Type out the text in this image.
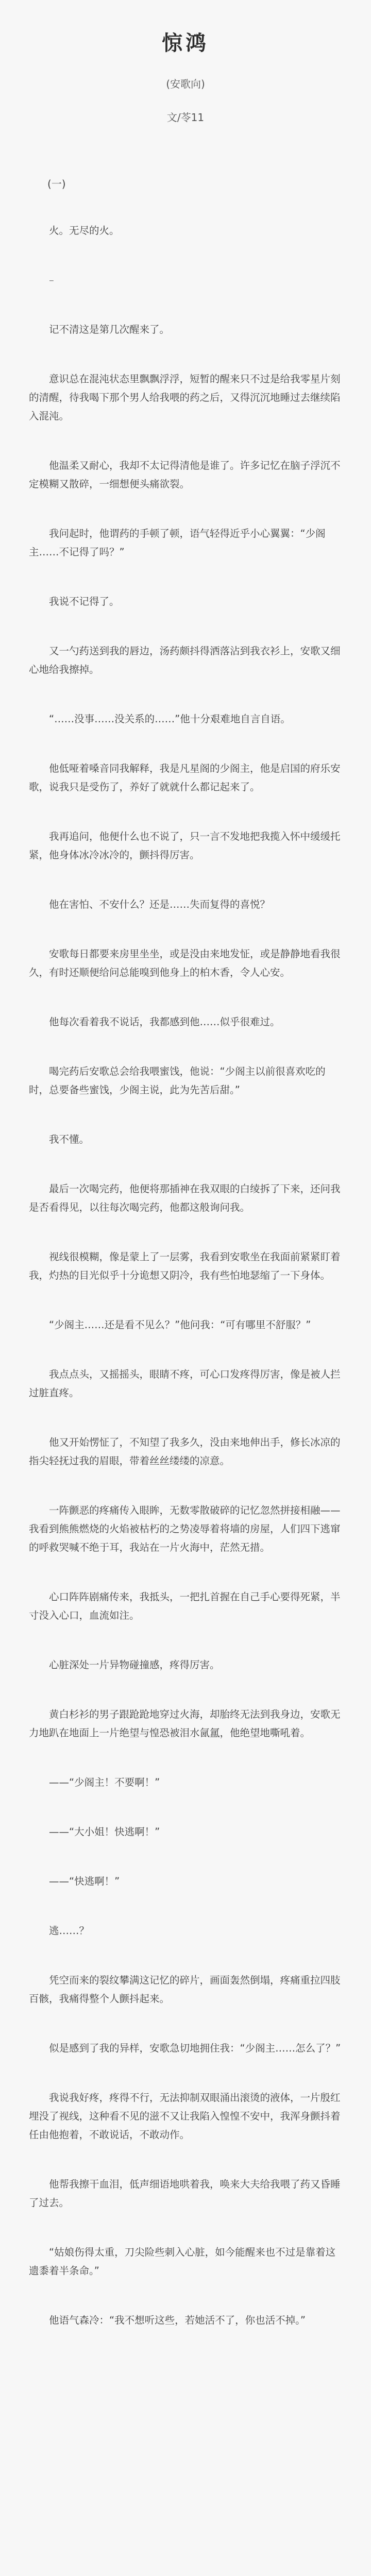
惊鸿
(安歌向)
文/苓11
(一)

火。无尽的火。

–

记不清这是第几次醒来了。

意识总在混沌状态里飘飘浮浮，短暂的醒来只不过是给我零星片刻的清醒，待我喝下那个男人给我喂的药之后，又得沉沉地睡过去继续陷入混沌。

他温柔又耐心，我却不太记得清他是谁了。许多记忆在脑子浮沉不定模糊又散碎，一细想便头痛欲裂。

我问起时，他谓药的手顿了顿，语气轻得近乎小心翼翼：“少阁主……不记得了吗？”

我说不记得了。

又一勺药送到我的唇边，汤药颇抖得洒落沾到我衣衫上，安歌又细心地给我擦掉。

“……没事……没关系的……”他十分艰难地自言自语。

他低哑着嗓音同我解释，我是凡星阁的少阁主，他是启国的府乐安歌，说我只是受伤了，养好了就就什么都记起来了。

我再追问，他便什么也不说了，只一言不发地把我揽入怀中缓缓托紧，他身体冰冷冰冷的，颤抖得厉害。

他在害怕、不安什么？还是……失而复得的喜悦？

安歌每日都要来房里坐坐，或是没由来地发怔，或是静静地看我很久，有时还顺便给问总能嗅到他身上的柏木香，令人心安。

他每次看着我不说话，我都感到他……似乎很难过。

喝完药后安歌总会给我喂蜜饯，他说：“少阁主以前很喜欢吃的时，总要备些蜜饯，少阁主说，此为先苦后甜。”

我不懂。

最后一次喝完药，他便将那插神在我双眼的白绫拆了下来，还问我是否看得见，以往每次喝完药，他都这般询问我。

视线很模糊，像是蒙上了一层雾，我看到安歌坐在我面前紧紧盯着我，灼热的目光似乎十分诡想又阴冷，我有些怕地瑟缩了一下身体。

“少阁主……还是看不见么？”他问我：“可有哪里不舒服？”

我点点头，又摇摇头，眼睛不疼，可心口发疼得厉害，像是被人拦过脏直疼。

他又开始愣怔了，不知望了我多久，没由来地伸出手，修长冰凉的指尖轻抚过我的眉眼，带着丝丝缕缕的凉意。

一阵颤恶的疼痛传入眼眸，无数零散破碎的记忆忽然拼接相融——我看到熊熊燃烧的火焰被枯朽的之势凌辱着将墙的房屋，人们四下逃窜的呼救哭喊不绝于耳，我站在一片火海中，茫然无措。

心口阵阵剧痛传来，我抵头，一把扎首握在自己手心要得死紧，半寸没入心口，血流如注。

心脏深处一片异物碰撞感，疼得厉害。

黄白杉衫的男子跟跄跄地穿过火海，却胎终无法到我身边，安歌无力地趴在地面上一片绝望与惶恐被泪水氤氲，他绝望地嘶吼着。

——“少阁主！不要啊！”

——“大小姐！快逃啊！”

——“快逃啊！”

逃……？

凭空而来的裂纹攀满这记忆的碎片，画面轰然倒塌，疼痛重拉四肢百骸，我痛得整个人颤抖起来。

似是感到了我的异样，安歌急切地拥住我：“少阁主……怎么了？”

我说我好疼，疼得不行，无法抑制双眼涌出滚烫的液体，一片殷红埋没了视线，这种看不见的滋不又让我陷入惶惶不安中，我浑身颤抖着任由他抱着，不敢说话，不敢动作。

他帮我擦干血泪，低声细语地哄着我，唤来大夫给我喂了药又昏睡了过去。

“姑娘伤得太重，刀尖险些刺入心脏，如今能醒来也不过是靠着这遗黍着半条命。”

他语气森冷：“我不想听这些，若她活不了，你也活不掉。”
